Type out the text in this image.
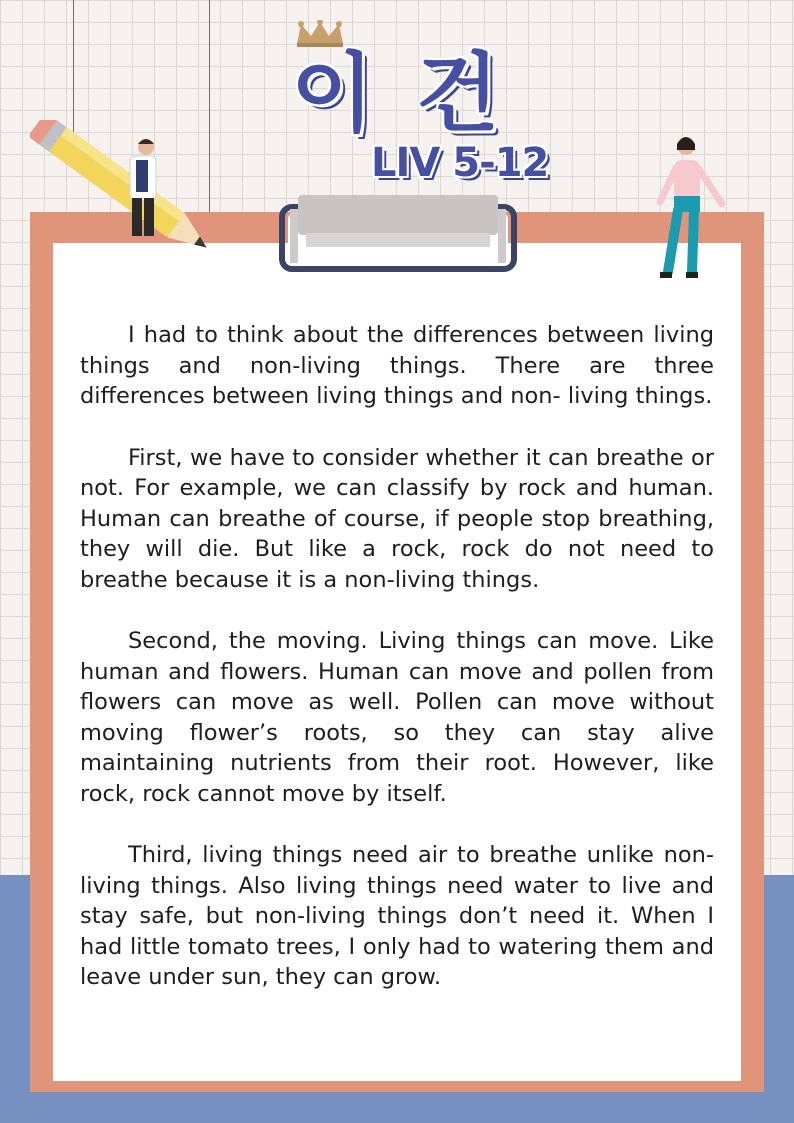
이 건
LIV 5-12

I had to think about the differences between living things and non-living things. There are three differences between living things and non- living things.

First, we have to consider whether it can breathe or not. For example, we can classify by rock and human. Human can breathe of course, if people stop breathing, they will die. But like a rock, rock do not need to breathe because it is a non-living things.

Second, the moving. Living things can move. Like human and flowers. Human can move and pollen from flowers can move as well. Pollen can move without moving flower’s roots, so they can stay alive maintaining nutrients from their root. However, like rock, rock cannot move by itself.

Third, living things need air to breathe unlike non-living things. Also living things need water to live and stay safe, but non-living things don’t need it. When I had little tomato trees, I only had to watering them and leave under sun, they can grow.
